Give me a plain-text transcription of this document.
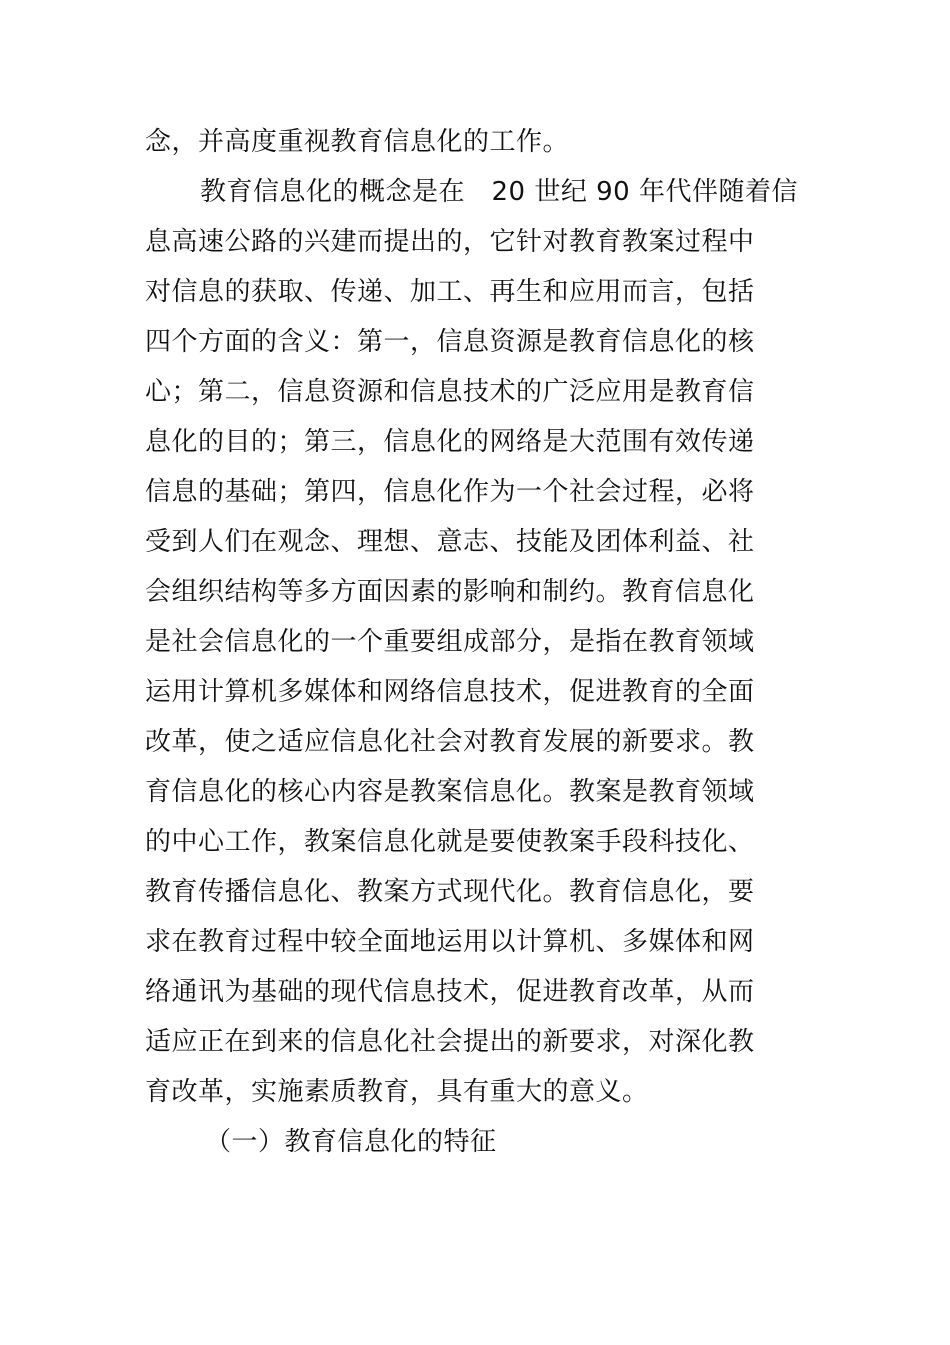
念，并高度重视教育信息化的工作。

教育信息化的概念是在　20 世纪 90 年代伴随着信

息高速公路的兴建而提出的，它针对教育教案过程中

对信息的获取、传递、加工、再生和应用而言，包括

四个方面的含义：第一，信息资源是教育信息化的核

心；第二，信息资源和信息技术的广泛应用是教育信

息化的目的；第三，信息化的网络是大范围有效传递

信息的基础；第四，信息化作为一个社会过程，必将

受到人们在观念、理想、意志、技能及团体利益、社

会组织结构等多方面因素的影响和制约。教育信息化

是社会信息化的一个重要组成部分，是指在教育领域

运用计算机多媒体和网络信息技术，促进教育的全面

改革，使之适应信息化社会对教育发展的新要求。教

育信息化的核心内容是教案信息化。教案是教育领域

的中心工作，教案信息化就是要使教案手段科技化、

教育传播信息化、教案方式现代化。教育信息化，要

求在教育过程中较全面地运用以计算机、多媒体和网

络通讯为基础的现代信息技术，促进教育改革，从而

适应正在到来的信息化社会提出的新要求，对深化教

育改革，实施素质教育，具有重大的意义。

（一）教育信息化的特征
